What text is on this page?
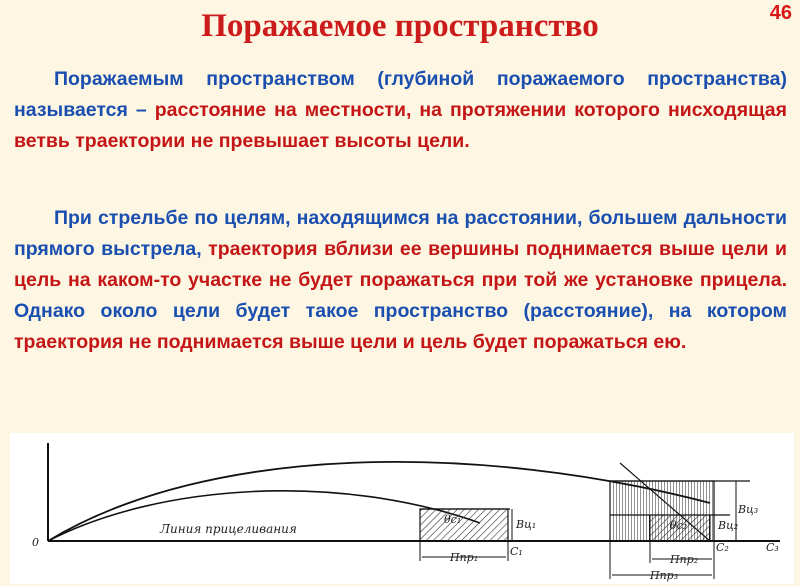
46
Поражаемое пространство

Поражаемым пространством (глубиной поражаемого пространства) называется – расстояние на местности, на протяжении которого нисходящая ветвь траектории не превышает высоты цели.

При стрельбе по целям, находящимся на расстоянии, большем дальности прямого выстрела, траектория вблизи ее вершины поднимается выше цели и цель на каком-то участке не будет поражаться при той же установке прицела. Однако около цели будет такое пространство (расстояние), на котором траектория не поднимается выше цели и цель будет поражаться ею.

0
Линия прицеливания
θс₁	θс₂
Вц₁
Вц₃
Вц₂
С₁	С₂	С₃
Ппр₁	Ппр₂
Ппр₃
